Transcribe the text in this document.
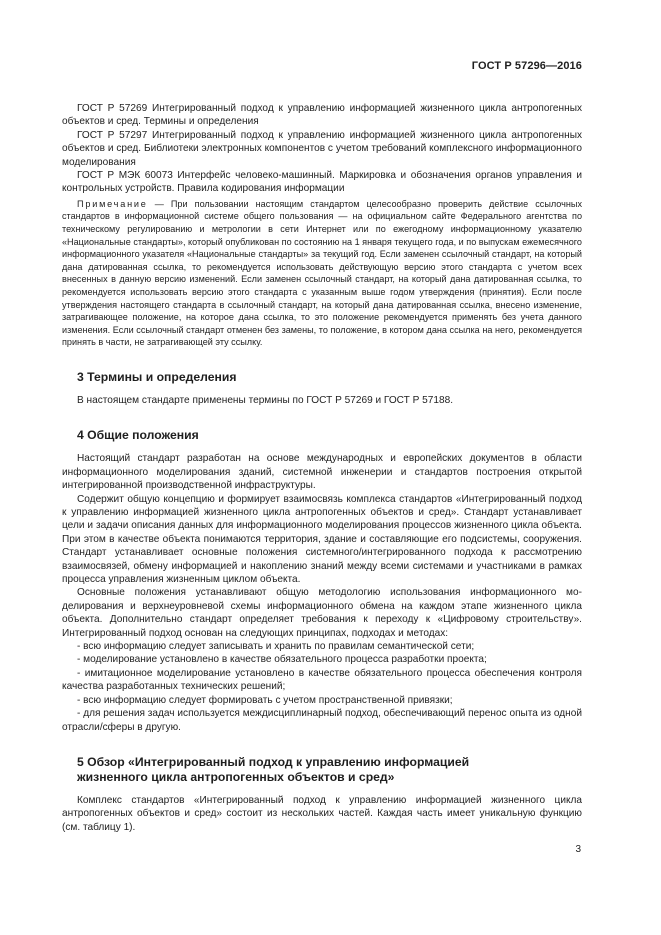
ГОСТ Р 57296—2016

ГОСТ Р 57269 Интегрированный подход к управлению информацией жизненного цикла антропогенных объектов и сред. Термины и определения

ГОСТ Р 57297 Интегрированный подход к управлению информацией жизненного цикла антропогенных объектов и сред. Библиотеки электронных компонентов с учетом требований комплексного информационного моделирования

ГОСТ Р МЭК 60073 Интерфейс человеко-машинный. Маркировка и обозначения органов управления и контрольных устройств. Правила кодирования информации

Примечание — При пользовании настоящим стандартом целесообразно проверить действие ссылочных стандартов в информационной системе общего пользования — на официальном сайте Федерального агентства по техническому регулированию и метрологии в сети Интернет или по ежегодному информационному указателю «Национальные стандарты», который опубликован по состоянию на 1 января текущего года, и по выпускам ежемесячного информационного указателя «Национальные стандарты» за текущий год. Если заменен ссылочный стандарт, на который дана датированная ссылка, то рекомендуется использовать действующую версию этого стандарта с учетом всех внесенных в данную версию изменений. Если заменен ссылочный стандарт, на который дана датированная ссылка, то рекомендуется использовать версию этого стандарта с указанным выше годом утверждения (принятия). Если после утверждения настоящего стандарта в ссылочный стандарт, на который дана датированная ссылка, внесено изменение, затрагивающее положение, на которое дана ссылка, то это положение рекомендуется применять без учета данного изменения. Если ссылочный стандарт отменен без замены, то положение, в котором дана ссылка на него, рекомендуется принять в части, не затрагивающей эту ссылку.

3 Термины и определения

В настоящем стандарте применены термины по ГОСТ Р 57269 и ГОСТ Р 57188.

4 Общие положения

Настоящий стандарт разработан на основе международных и европейских документов в области информационного моделирования зданий, системной инженерии и стандартов построения открытой интегрированной производственной инфраструктуры.

Содержит общую концепцию и формирует взаимосвязь комплекса стандартов «Интегрированный подход к управлению информацией жизненного цикла антропогенных объектов и сред». Стандарт устанавливает цели и задачи описания данных для информационного моделирования процессов жизненного цикла объекта. При этом в качестве объекта понимаются территория, здание и составляющие его подсистемы, сооружения. Стандарт устанавливает основные положения системного/интегрированного подхода к рассмотрению взаимосвязей, обмену информацией и накоплению знаний между всеми системами и участниками в рамках процесса управления жизненным циклом объекта.

Основные положения устанавливают общую методологию использования информационного моделирования и верхнеуровневой схемы информационного обмена на каждом этапе жизненного цикла объекта. Дополнительно стандарт определяет требования к переходу к «Цифровому строительству». Интегрированный подход основан на следующих принципах, подходах и методах:

- всю информацию следует записывать и хранить по правилам семантической сети;

- моделирование установлено в качестве обязательного процесса разработки проекта;

- имитационное моделирование установлено в качестве обязательного процесса обеспечения контроля качества разработанных технических решений;

- всю информацию следует формировать с учетом пространственной привязки;

- для решения задач используется междисциплинарный подход, обеспечивающий перенос опыта из одной отрасли/сферы в другую.

5 Обзор «Интегрированный подход к управлению информацией
жизненного цикла антропогенных объектов и сред»

Комплекс стандартов «Интегрированный подход к управлению информацией жизненного цикла антропогенных объектов и сред» состоит из нескольких частей. Каждая часть имеет уникальную функцию (см. таблицу 1).

3
